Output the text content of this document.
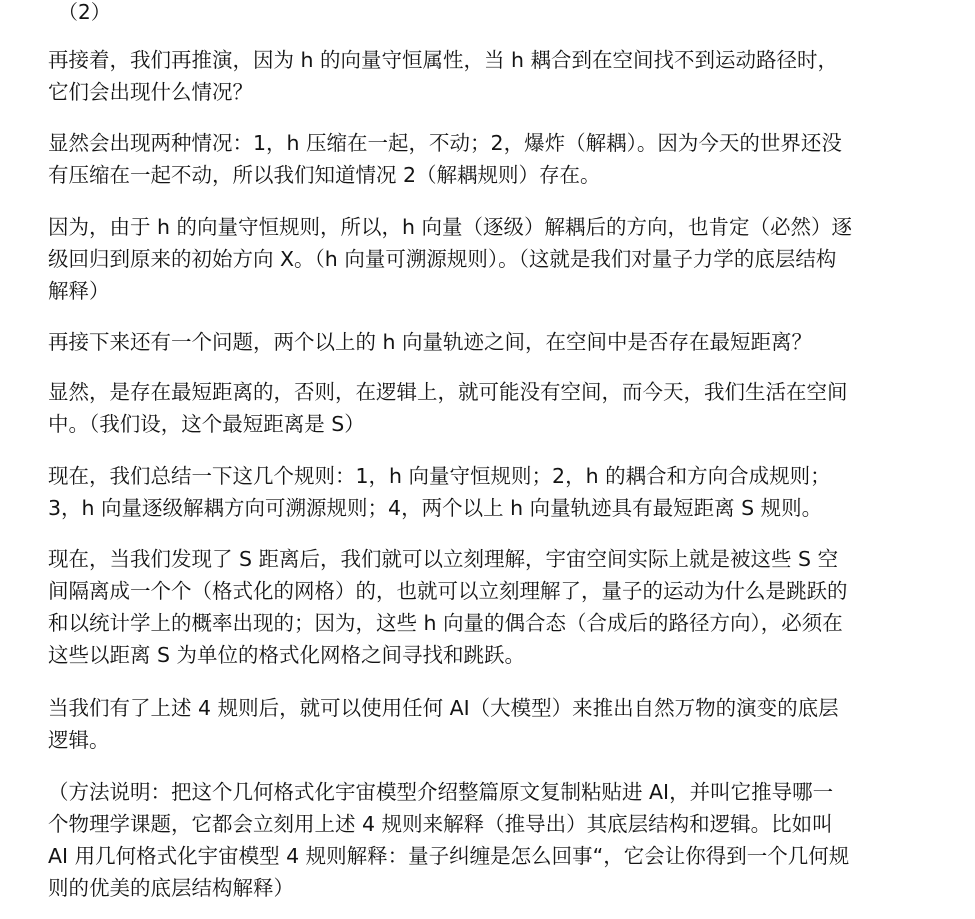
（2）

再接着，我们再推演，因为 h 的向量守恒属性，当 h 耦合到在空间找不到运动路径时，
它们会出现什么情况？

显然会出现两种情况：1，h 压缩在一起，不动；2，爆炸（解耦）。因为今天的世界还没
有压缩在一起不动，所以我们知道情况 2（解耦规则）存在。

因为，由于 h 的向量守恒规则，所以，h 向量（逐级）解耦后的方向，也肯定（必然）逐
级回归到原来的初始方向 X。（h 向量可溯源规则）。（这就是我们对量子力学的底层结构
解释）

再接下来还有一个问题，两个以上的 h 向量轨迹之间，在空间中是否存在最短距离？

显然，是存在最短距离的，否则，在逻辑上，就可能没有空间，而今天，我们生活在空间
中。（我们设，这个最短距离是 S）

现在，我们总结一下这几个规则：1，h 向量守恒规则；2，h 的耦合和方向合成规则；
3，h 向量逐级解耦方向可溯源规则；4，两个以上 h 向量轨迹具有最短距离 S 规则。

现在，当我们发现了 S 距离后，我们就可以立刻理解，宇宙空间实际上就是被这些 S 空
间隔离成一个个（格式化的网格）的，也就可以立刻理解了，量子的运动为什么是跳跃的
和以统计学上的概率出现的；因为，这些 h 向量的偶合态（合成后的路径方向），必须在
这些以距离 S 为单位的格式化网格之间寻找和跳跃。

当我们有了上述 4 规则后，就可以使用任何 AI（大模型）来推出自然万物的演变的底层
逻辑。

（方法说明：把这个几何格式化宇宙模型介绍整篇原文复制粘贴进 AI，并叫它推导哪一
个物理学课题，它都会立刻用上述 4 规则来解释（推导出）其底层结构和逻辑。比如叫
AI 用几何格式化宇宙模型 4 规则解释：量子纠缠是怎么回事“，它会让你得到一个几何规
则的优美的底层结构解释）
